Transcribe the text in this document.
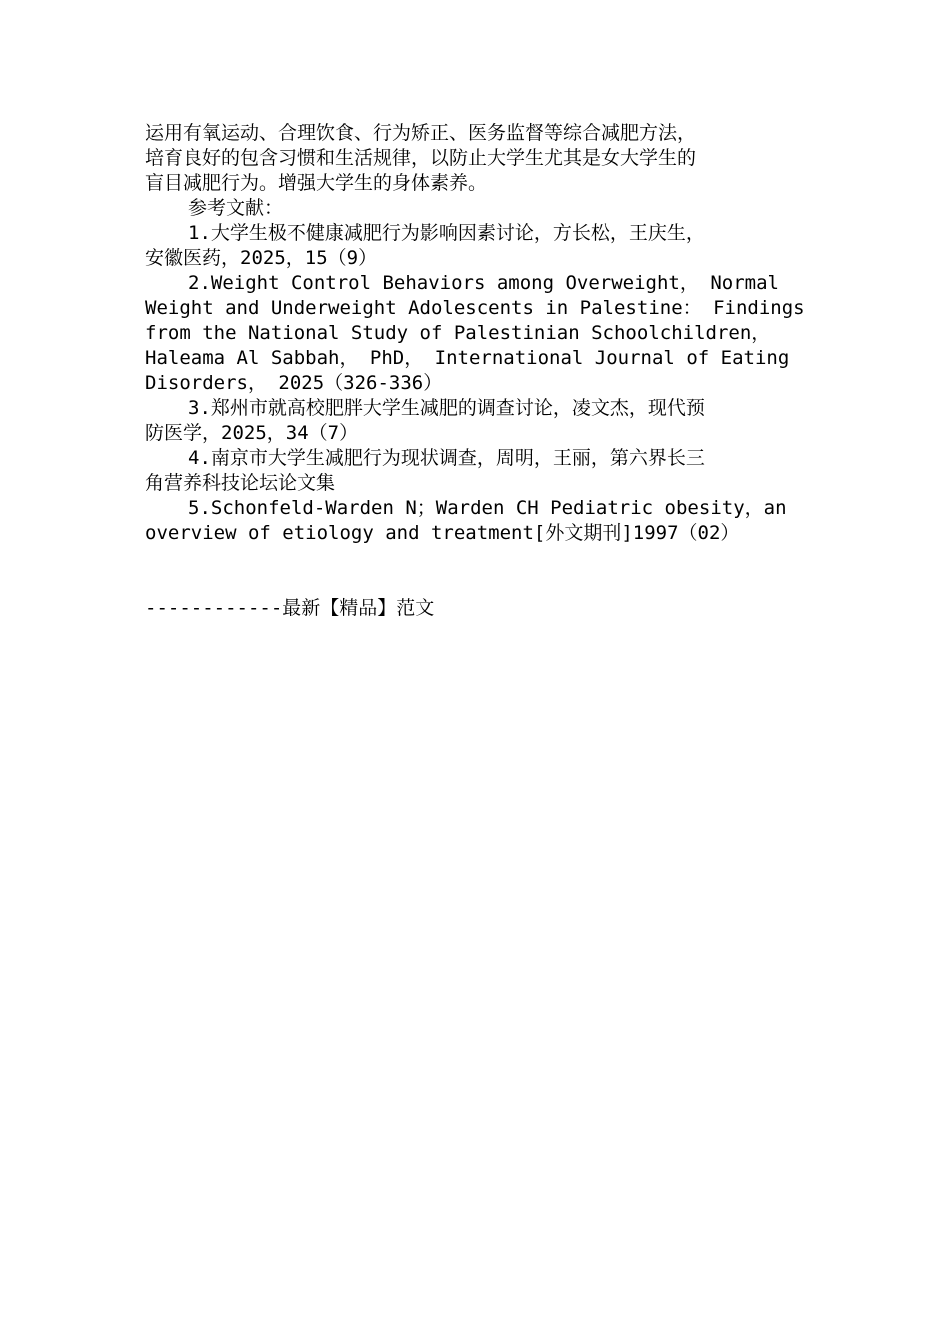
运用有氧运动、合理饮食、行为矫正、医务监督等综合减肥方法，

培育良好的包含习惯和生活规律，以防止大学生尤其是女大学生的

盲目减肥行为。增强大学生的身体素养。

参考文献：

1.大学生极不健康减肥行为影响因素讨论，方长松，王庆生，

安徽医药，2025，15（9）

2.Weight Control Behaviors among Overweight， Normal

Weight and Underweight Adolescents in Palestine： Findings

from the National Study of Palestinian Schoolchildren，

Haleama Al Sabbah， PhD， International Journal of Eating

Disorders， 2025（326-336）

3.郑州市就高校肥胖大学生减肥的调查讨论，凌文杰，现代预

防医学，2025，34（7）

4.南京市大学生减肥行为现状调查，周明，王丽，第六界长三

角营养科技论坛论文集

5.Schonfeld-Warden N；Warden CH Pediatric obesity，an

overview of etiology and treatment[外文期刊]1997（02）

------------最新【精品】范文
